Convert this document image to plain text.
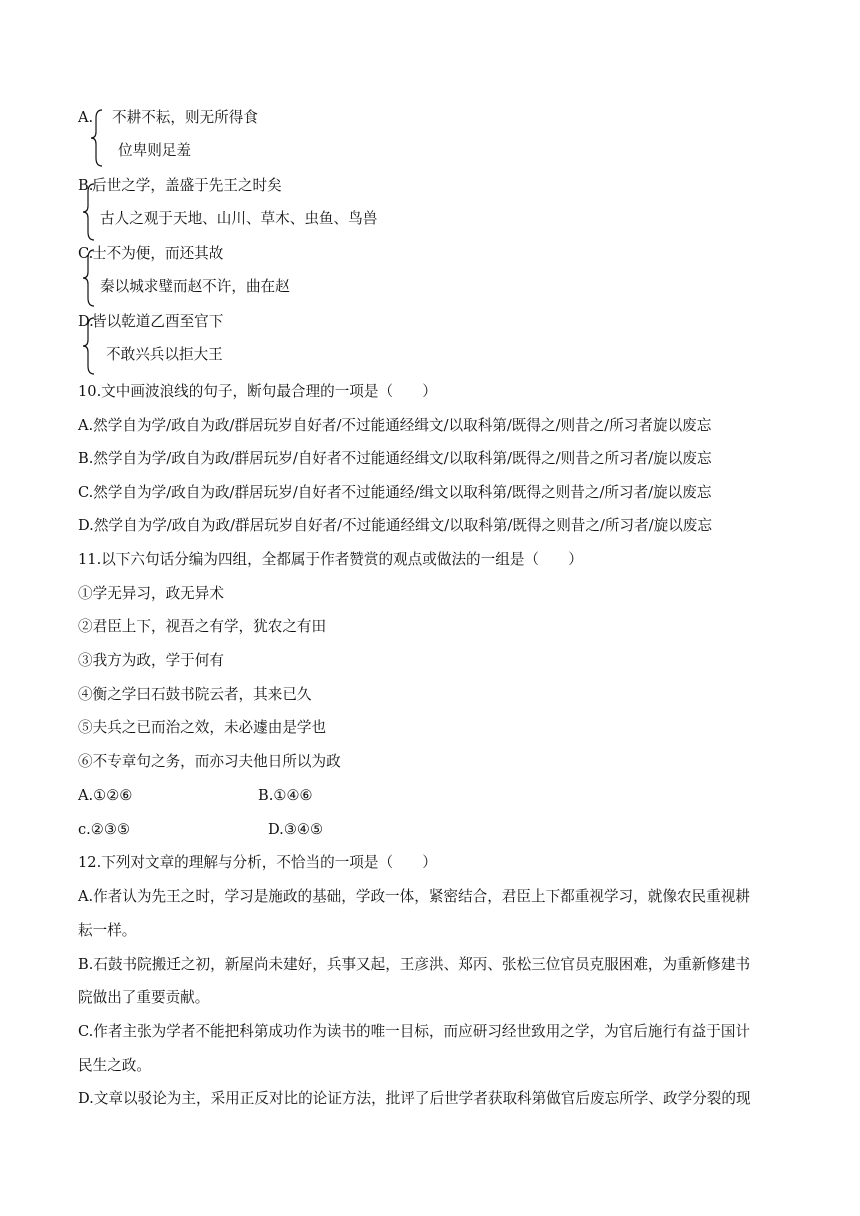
A. 不耕不耘，则无所得食
位卑则足羞
B.
后世之学，盖盛于先王之时矣
古人之观于天地、山川、草木、虫鱼、鸟兽
C.
士不为便，而还其故
秦以城求璧而赵不许，曲在赵
D.
皆以乾道乙酉至官下
不敢兴兵以拒大王
10.文中画波浪线的句子，断句最合理的一项是（　　）
A.然学自为学/政自为政/群居玩岁自好者/不过能通经缉文/以取科第/既得之/则昔之/所习者旋以废忘
B.然学自为学/政自为政/群居玩岁/自好者不过能通经缉文/以取科第/既得之/则昔之所习者/旋以废忘
C.然学自为学/政自为政/群居玩岁/自好者不过能通经/缉文以取科第/既得之则昔之/所习者/旋以废忘
D.然学自为学/政自为政/群居玩岁自好者/不过能通经缉文/以取科第/既得之则昔之/所习者/旋以废忘
11.以下六句话分编为四组，全都属于作者赞赏的观点或做法的一组是（　　）
①学无异习，政无异术
②君臣上下，视吾之有学，犹农之有田
③我方为政，学于何有
④衡之学曰石鼓书院云者，其来已久
⑤夫兵之已而治之效，未必遽由是学也
⑥不专章句之务，而亦习夫他日所以为政
A.①②⑥	B.①④⑥
c.②③⑤	D.③④⑤
12.下列对文章的理解与分析，不恰当的一项是（　　）
A.作者认为先王之时，学习是施政的基础，学政一体，紧密结合，君臣上下都重视学习，就像农民重视耕
耘一样。
B.石鼓书院搬迁之初，新屋尚未建好，兵事又起，王彦洪、郑丙、张松三位官员克服困难，为重新修建书
院做出了重要贡献。
C.作者主张为学者不能把科第成功作为读书的唯一目标，而应研习经世致用之学，为官后施行有益于国计
民生之政。
D.文章以驳论为主，采用正反对比的论证方法，批评了后世学者获取科第做官后废忘所学、政学分裂的现
